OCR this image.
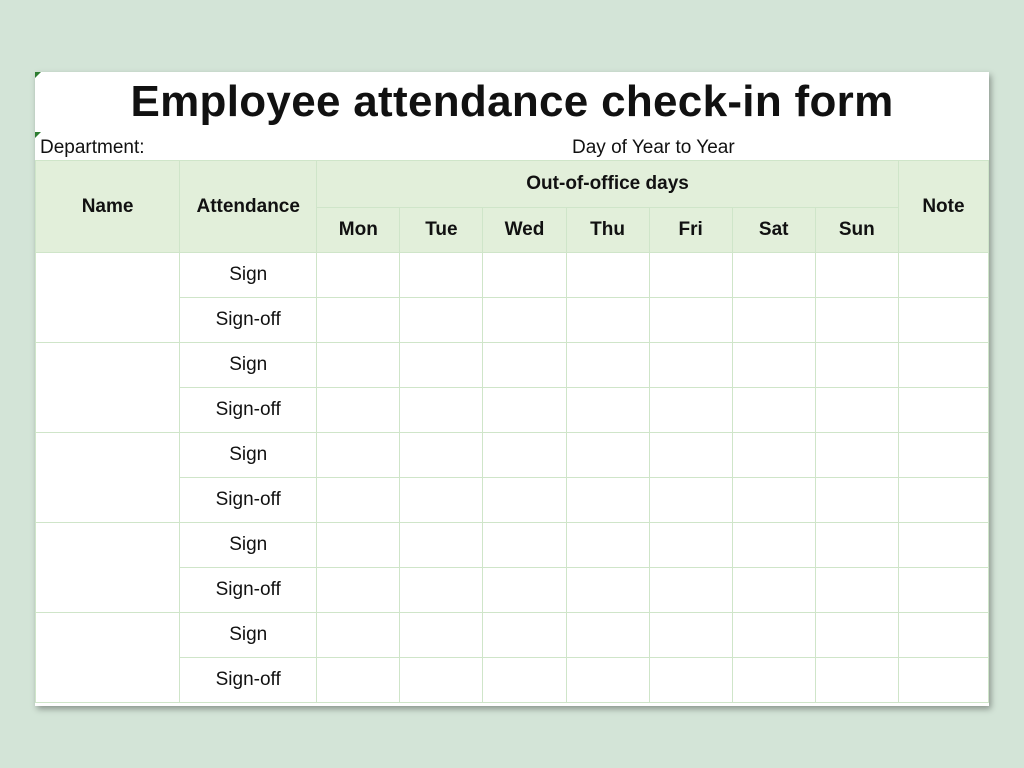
Employee attendance check-in form
Department:	Day of Year to Year
Name	Attendance	Out-of-office days							Note
		Mon	Tue	Wed	Thu	Fri	Sat	Sun	
	Sign								
	Sign-off								
	Sign								
	Sign-off								
	Sign								
	Sign-off								
	Sign								
	Sign-off								
	Sign								
	Sign-off								
